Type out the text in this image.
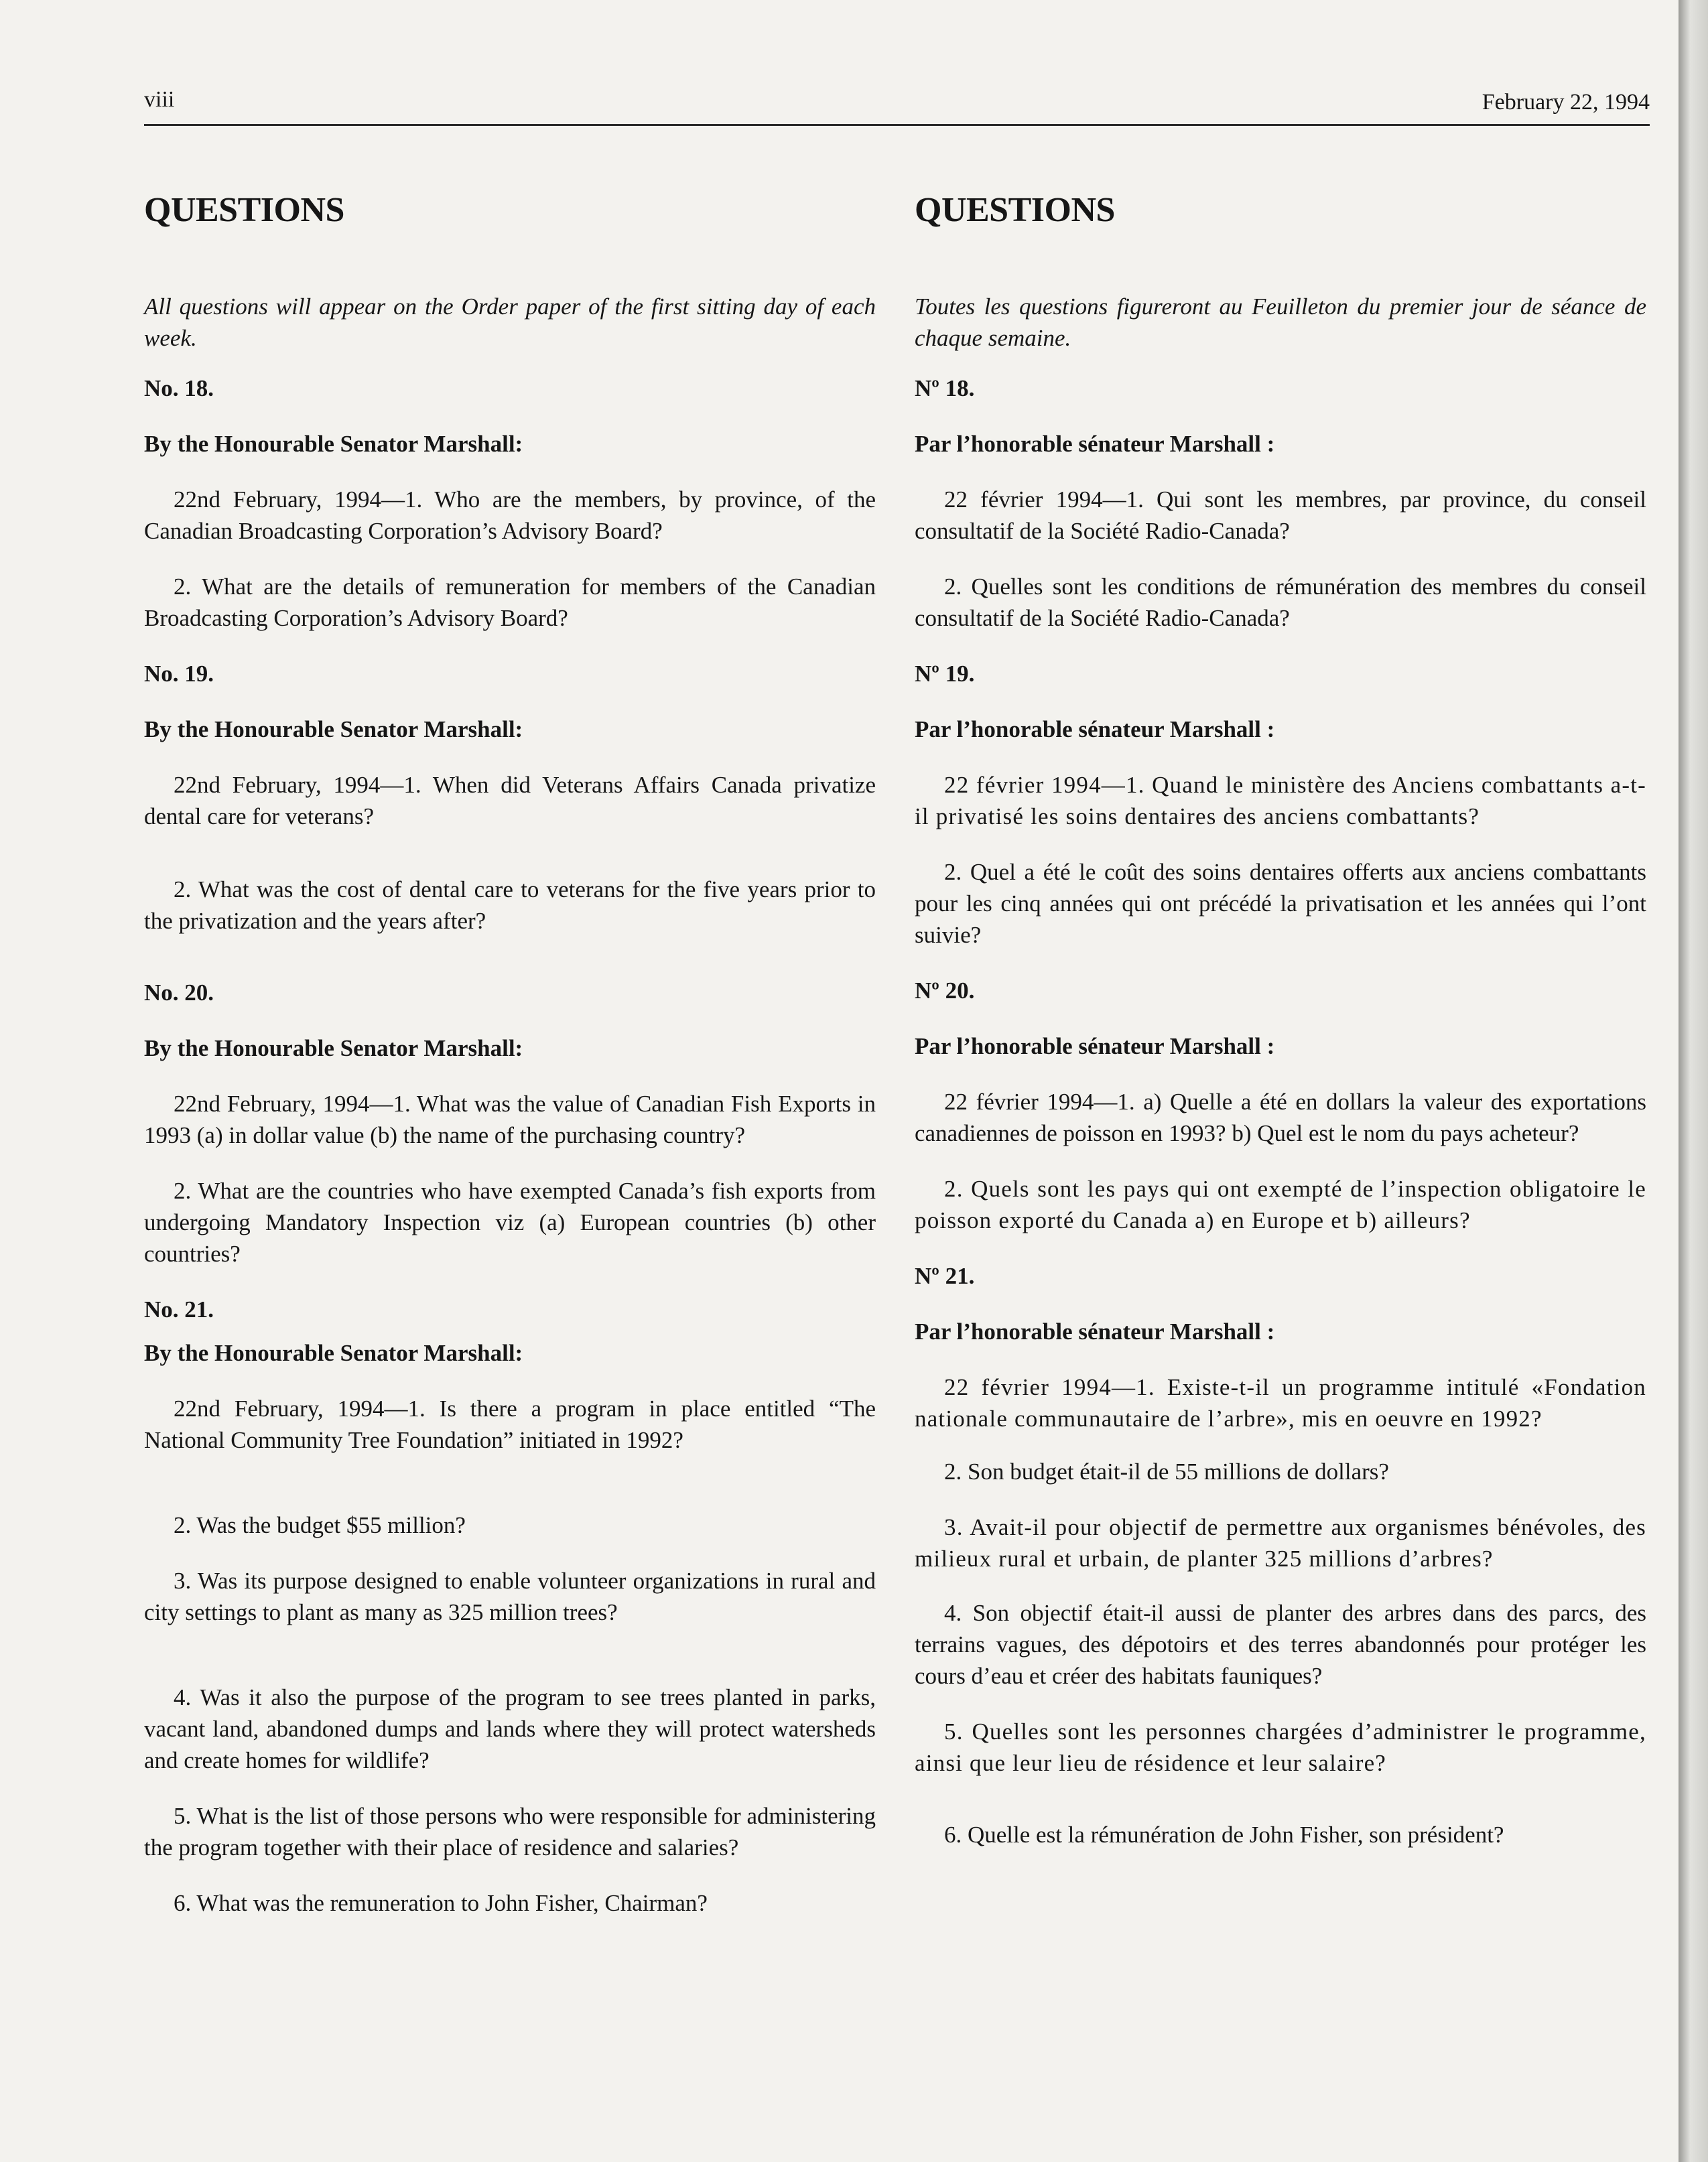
viii	February 22, 1994
QUESTIONS

All questions will appear on the Order paper of the first sitting day of each week.

No. 18.
By the Honourable Senator Marshall:

22nd February, 1994—1. Who are the members, by province, of the Canadian Broadcasting Corporation’s Advisory Board?

2. What are the details of remuneration for members of the Canadian Broadcasting Corporation’s Advisory Board?

No. 19.
By the Honourable Senator Marshall:

22nd February, 1994—1. When did Veterans Affairs Canada privatize dental care for veterans?

2. What was the cost of dental care to veterans for the five years prior to the privatization and the years after?

No. 20.
By the Honourable Senator Marshall:

22nd February, 1994—1. What was the value of Canadian Fish Exports in 1993 (a) in dollar value (b) the name of the purchasing country?

2. What are the countries who have exempted Canada’s fish exports from undergoing Mandatory Inspection viz (a) European countries (b) other countries?

No. 21.
By the Honourable Senator Marshall:

22nd February, 1994—1. Is there a program in place entitled “The National Community Tree Foundation” initiated in 1992?

2. Was the budget $55 million?

3. Was its purpose designed to enable volunteer organizations in rural and city settings to plant as many as 325 million trees?

4. Was it also the purpose of the program to see trees planted in parks, vacant land, abandoned dumps and lands where they will protect watersheds and create homes for wildlife?

5. What is the list of those persons who were responsible for administering the program together with their place of residence and salaries?

6. What was the remuneration to John Fisher, Chairman?

QUESTIONS

Toutes les questions figureront au Feuilleton du premier jour de séance de chaque semaine.

Nº 18.
Par l’honorable sénateur Marshall :

22 février 1994—1. Qui sont les membres, par province, du conseil consultatif de la Société Radio-Canada?

2. Quelles sont les conditions de rémunération des membres du conseil consultatif de la Société Radio-Canada?

Nº 19.
Par l’honorable sénateur Marshall :

22 février 1994—1. Quand le ministère des Anciens combattants a-t-il privatisé les soins dentaires des anciens combattants?

2. Quel a été le coût des soins dentaires offerts aux anciens combattants pour les cinq années qui ont précédé la privatisation et les années qui l’ont suivie?

Nº 20.
Par l’honorable sénateur Marshall :

22 février 1994—1. a) Quelle a été en dollars la valeur des exportations canadiennes de poisson en 1993? b) Quel est le nom du pays acheteur?

2. Quels sont les pays qui ont exempté de l’inspection obligatoire le poisson exporté du Canada a) en Europe et b) ailleurs?

Nº 21.
Par l’honorable sénateur Marshall :

22 février 1994—1. Existe-t-il un programme intitulé «Fondation nationale communautaire de l’arbre», mis en oeuvre en 1992?

2. Son budget était-il de 55 millions de dollars?

3. Avait-il pour objectif de permettre aux organismes bénévoles, des milieux rural et urbain, de planter 325 millions d’arbres?

4. Son objectif était-il aussi de planter des arbres dans des parcs, des terrains vagues, des dépotoirs et des terres abandonnés pour protéger les cours d’eau et créer des habitats fauniques?

5. Quelles sont les personnes chargées d’administrer le programme, ainsi que leur lieu de résidence et leur salaire?

6. Quelle est la rémunération de John Fisher, son président?
